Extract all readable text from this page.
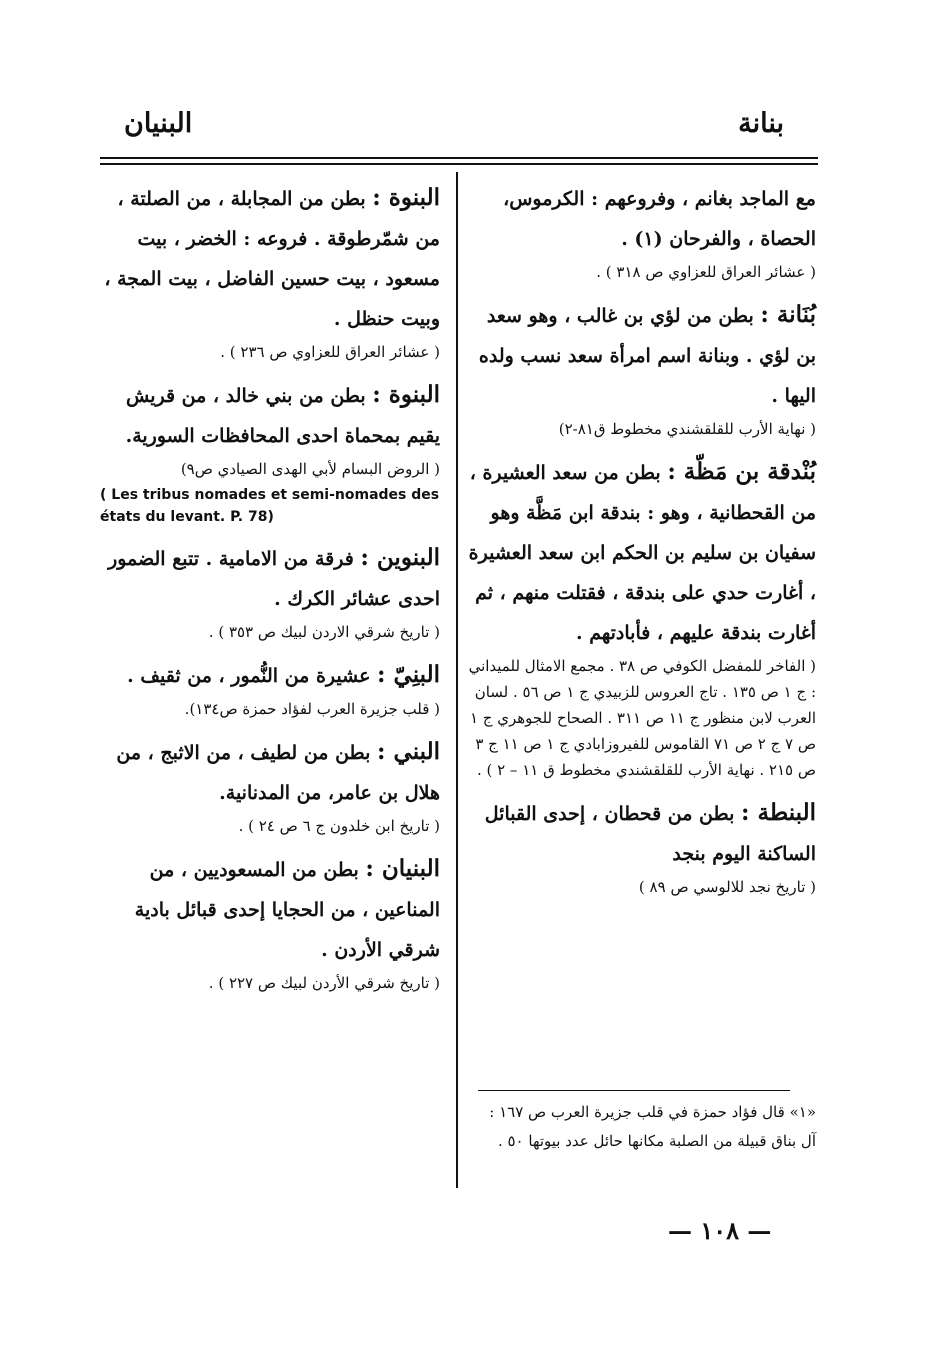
بنانة
البنيان

مع الماجد بغانم ، وفروعهم : الكرموس، الحصاة ، والفرحان (١) .

( عشائر العراق للعزاوي ص ٣١٨ ) .

بُنَانة : بطن من لؤي بن غالب ، وهو سعد بن لؤي . وبنانة اسم امرأة سعد نسب ولده اليها .

( نهاية الأرب للقلقشندي مخطوط ق٨١-٢)

بُنْدقة بن مَظّة : بطن من سعد العشيرة ، من القحطانية ، وهو : بندقة ابن مَظَّة وهو سفيان بن سليم بن الحكم ابن سعد العشيرة ، أغارت حدي على بندقة ، فقتلت منهم ، ثم أغارت بندقة عليهم ، فأبادتهم .

( الفاخر للمفضل الكوفي ص ٣٨ . مجمع الامثال للميداني : ج ١ ص ١٣٥ . تاج العروس للزبيدي ج ١ ص ٥٦ . لسان العرب لابن منظور ج ١١ ص ٣١١ . الصحاح للجوهري ج ١ ص ٧ ج ٢ ص ٧١ القاموس للفيروزابادي ج ١ ص ١١ ج ٣ ص ٢١٥ . نهاية الأرب للقلقشندي مخطوط ق ١١ – ٢ ) .

البنطة : بطن من قحطان ، إحدى القبائل الساكنة اليوم بنجد

( تاريخ نجد للالوسي ص ٨٩ )

البنوة : بطن من المجابلة ، من الصلتة ، من شمّرطوقة . فروعه : الخضر ، بيت مسعود ، بيت حسين الفاضل ، بيت المجة ، وبيت حنظل .

( عشائر العراق للعزاوي ص ٢٣٦ ) .

البنوة : بطن من بني خالد ، من قريش يقيم بمحماة احدى المحافظات السورية.

( الروض البسام لأبي الهدى الصيادي ص٩)

( Les tribus nomades et semi-nomades des états du levant. P. 78)

البنوين : فرقة من الامامية . تتبع الضمور احدى عشائر الكرك .

( تاريخ شرقي الاردن لبيك ص ٣٥٣ ) .

البنِيّ : عشيرة من النُّمور ، من ثقيف .

( قلب جزيرة العرب لفؤاد حمزة ص١٣٤).

البني : بطن من لطيف ، من الاثبج ، من هلال بن عامر، من المدنانية.

( تاريخ ابن خلدون ج ٦ ص ٢٤ ) .

البنيان : بطن من المسعوديين ، من المناعين ، من الحجايا إحدى قبائل بادية شرقي الأردن .

( تاريخ شرقي الأردن لبيك ص ٢٢٧ ) .

«١» قال فؤاد حمزة في قلب جزيرة العرب ص ١٦٧ : آل بناق قبيلة من الصلبة مكانها حائل عدد بيوتها ٥٠ .
— ١٠٨ —
